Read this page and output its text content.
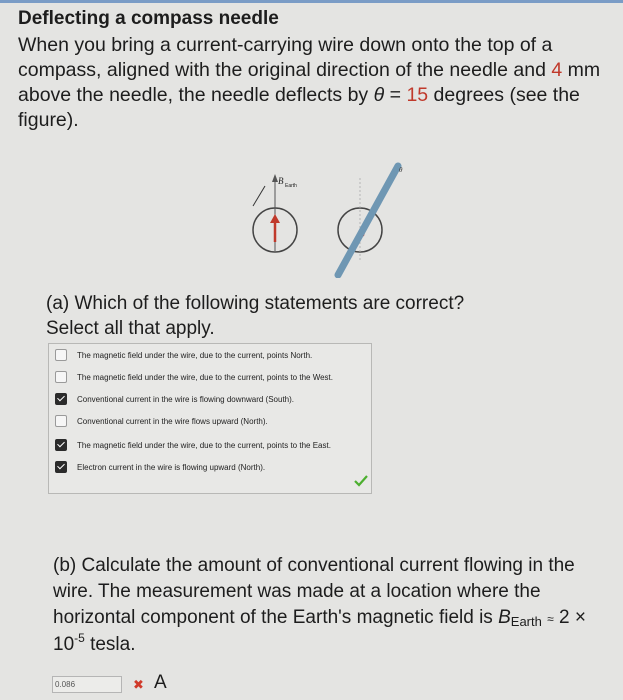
Deflecting a compass needle
When you bring a current-carrying wire down onto the top of a compass, aligned with the original direction of the needle and 4 mm above the needle, the needle deflects by θ = 15 degrees (see the figure).
B Earth
θ
(a) Which of the following statements are correct?
Select all that apply.
The magnetic field under the wire, due to the current, points North.
The magnetic field under the wire, due to the current, points to the West.
Conventional current in the wire is flowing downward (South).
Conventional current in the wire flows upward (North).
The magnetic field under the wire, due to the current, points to the East.
Electron current in the wire is flowing upward (North).
(b) Calculate the amount of conventional current flowing in the wire. The measurement was made at a location where the horizontal component of the Earth's magnetic field is BEarth ≈ $2 \times 10^{-5}$ tesla.
0.086	✖ A
